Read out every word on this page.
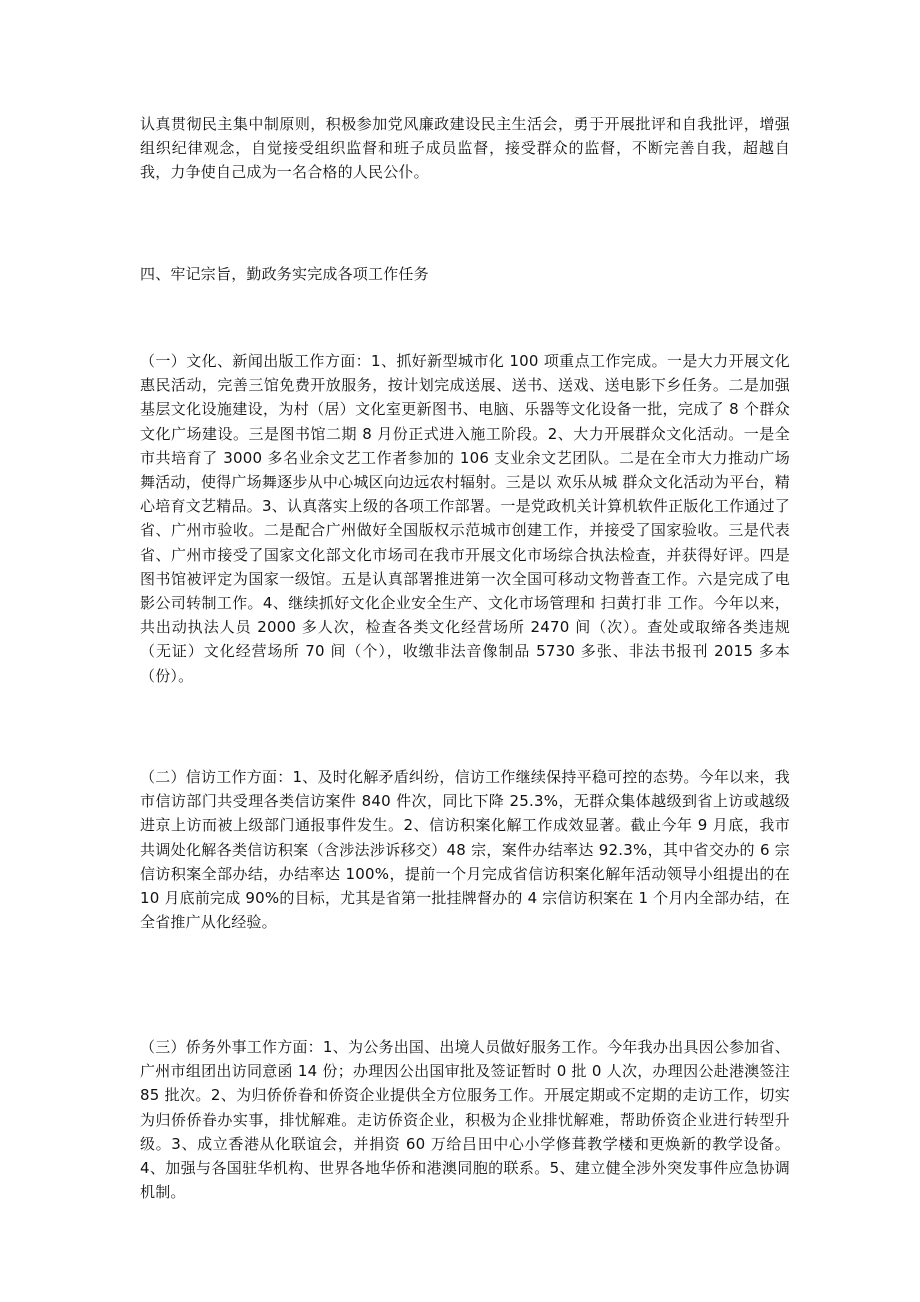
认真贯彻民主集中制原则，积极参加党风廉政建设民主生活会，勇于开展批评和自我批评，增强组织纪律观念，自觉接受组织监督和班子成员监督，接受群众的监督，不断完善自我，超越自我，力争使自己成为一名合格的人民公仆。

四、牢记宗旨，勤政务实完成各项工作任务

（一）文化、新闻出版工作方面：1、抓好新型城市化 100 项重点工作完成。一是大力开展文化惠民活动，完善三馆免费开放服务，按计划完成送展、送书、送戏、送电影下乡任务。二是加强基层文化设施建设，为村（居）文化室更新图书、电脑、乐器等文化设备一批，完成了 8 个群众文化广场建设。三是图书馆二期 8 月份正式进入施工阶段。2、大力开展群众文化活动。一是全市共培育了 3000 多名业余文艺工作者参加的 106 支业余文艺团队。二是在全市大力推动广场舞活动，使得广场舞逐步从中心城区向边远农村辐射。三是以 欢乐从城 群众文化活动为平台，精心培育文艺精品。3、认真落实上级的各项工作部署。一是党政机关计算机软件正版化工作通过了省、广州市验收。二是配合广州做好全国版权示范城市创建工作，并接受了国家验收。三是代表省、广州市接受了国家文化部文化市场司在我市开展文化市场综合执法检查，并获得好评。四是图书馆被评定为国家一级馆。五是认真部署推进第一次全国可移动文物普查工作。六是完成了电影公司转制工作。4、继续抓好文化企业安全生产、文化市场管理和 扫黄打非 工作。今年以来，共出动执法人员 2000 多人次，检查各类文化经营场所 2470 间（次）。查处或取缔各类违规（无证）文化经营场所 70 间（个），收缴非法音像制品 5730 多张、非法书报刊 2015 多本（份）。

（二）信访工作方面：1、及时化解矛盾纠纷，信访工作继续保持平稳可控的态势。今年以来，我市信访部门共受理各类信访案件 840 件次，同比下降 25.3%，无群众集体越级到省上访或越级进京上访而被上级部门通报事件发生。2、信访积案化解工作成效显著。截止今年 9 月底，我市共调处化解各类信访积案（含涉法涉诉移交）48 宗，案件办结率达 92.3%，其中省交办的 6 宗信访积案全部办结，办结率达 100%，提前一个月完成省信访积案化解年活动领导小组提出的在 10 月底前完成 90%的目标，尤其是省第一批挂牌督办的 4 宗信访积案在 1 个月内全部办结，在全省推广从化经验。

（三）侨务外事工作方面：1、为公务出国、出境人员做好服务工作。今年我办出具因公参加省、广州市组团出访同意函 14 份；办理因公出国审批及签证暂时 0 批 0 人次，办理因公赴港澳签注 85 批次。2、为归侨侨眷和侨资企业提供全方位服务工作。开展定期或不定期的走访工作，切实为归侨侨眷办实事，排忧解难。走访侨资企业，积极为企业排忧解难，帮助侨资企业进行转型升级。3、成立香港从化联谊会，并捐资 60 万给吕田中心小学修葺教学楼和更焕新的教学设备。4、加强与各国驻华机构、世界各地华侨和港澳同胞的联系。5、建立健全涉外突发事件应急协调机制。
